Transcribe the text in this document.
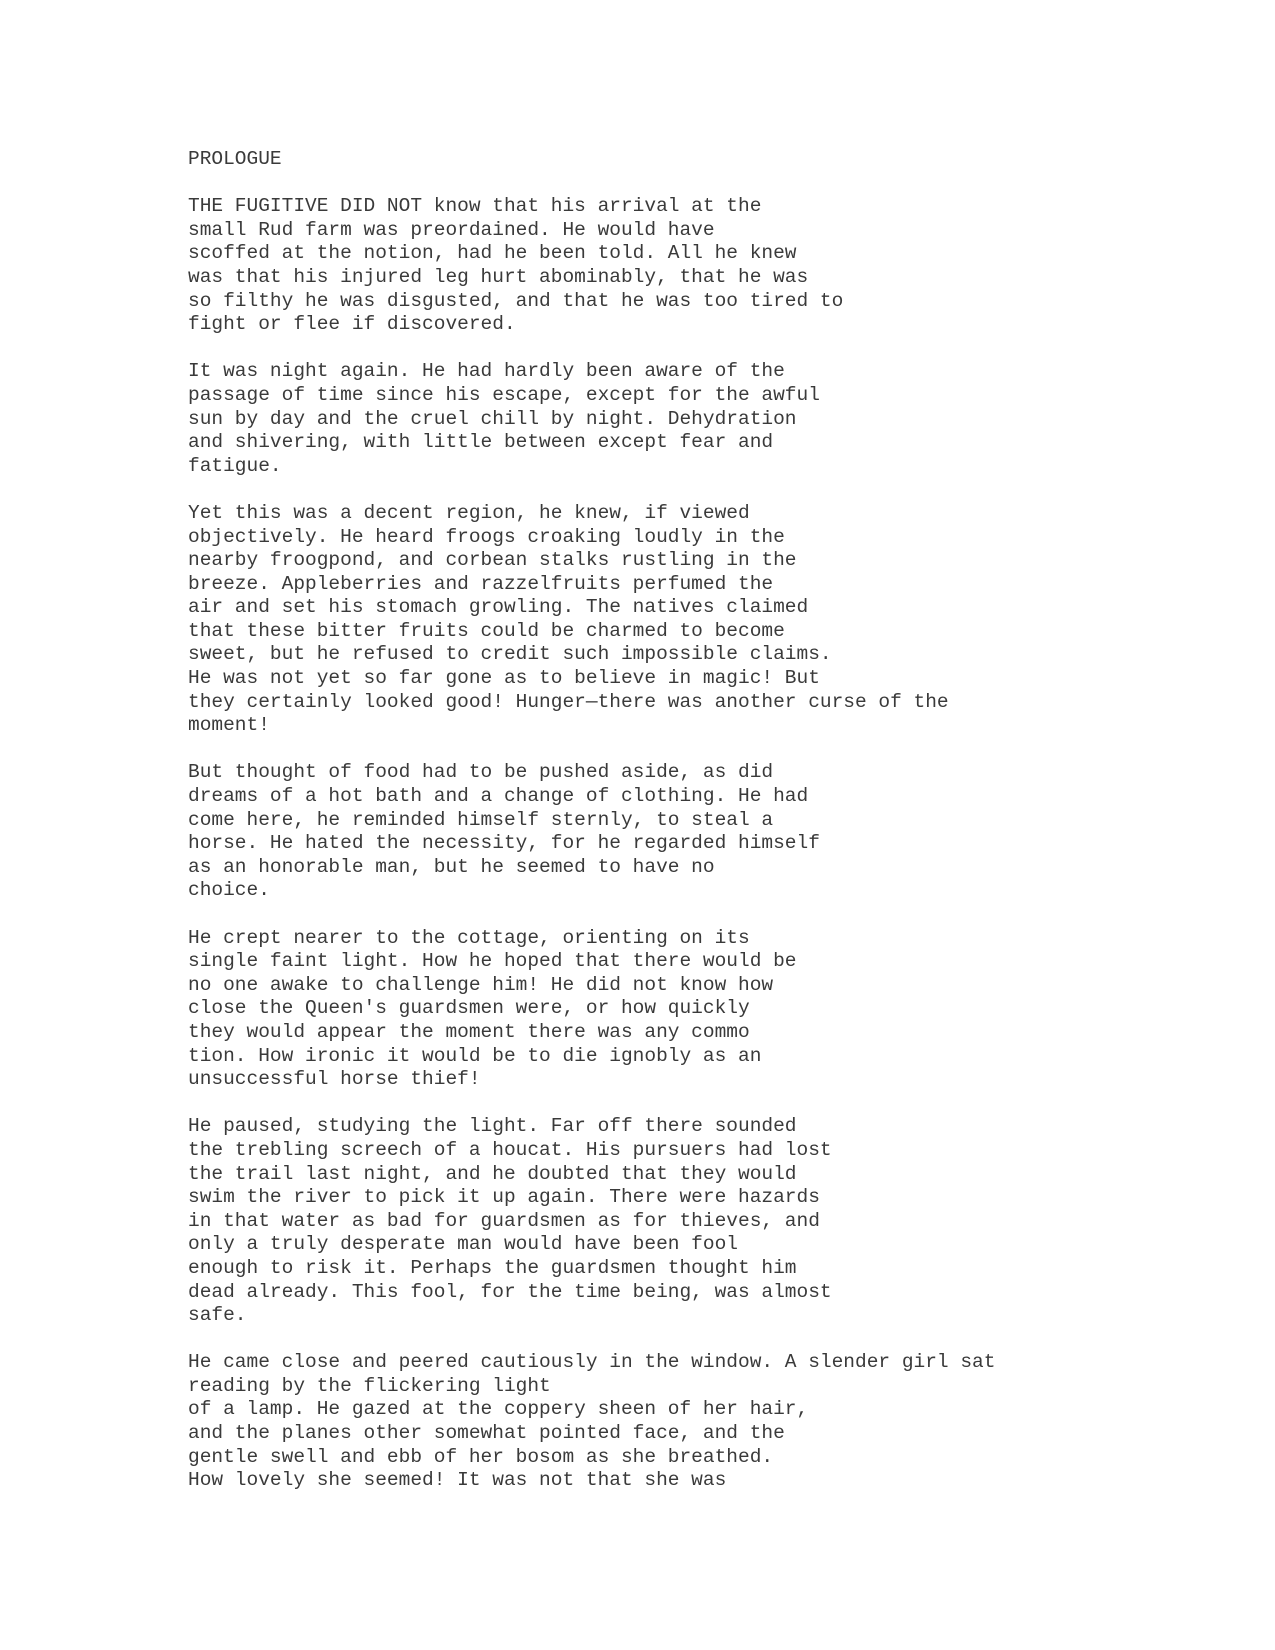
PROLOGUE
THE FUGITIVE DID NOT know that his arrival at the
small Rud farm was preordained. He would have
scoffed at the notion, had he been told. All he knew
was that his injured leg hurt abominably, that he was
so filthy he was disgusted, and that he was too tired to
fight or flee if discovered.
It was night again. He had hardly been aware of the
passage of time since his escape, except for the awful
sun by day and the cruel chill by night. Dehydration
and shivering, with little between except fear and
fatigue.
Yet this was a decent region, he knew, if viewed
objectively. He heard froogs croaking loudly in the
nearby froogpond, and corbean stalks rustling in the
breeze. Appleberries and razzelfruits perfumed the
air and set his stomach growling. The natives claimed
that these bitter fruits could be charmed to become
sweet, but he refused to credit such impossible claims.
He was not yet so far gone as to believe in magic! But
they certainly looked good! Hunger—there was another curse of the
moment!
But thought of food had to be pushed aside, as did
dreams of a hot bath and a change of clothing. He had
come here, he reminded himself sternly, to steal a
horse. He hated the necessity, for he regarded himself
as an honorable man, but he seemed to have no
choice.
He crept nearer to the cottage, orienting on its
single faint light. How he hoped that there would be
no one awake to challenge him! He did not know how
close the Queen's guardsmen were, or how quickly
they would appear the moment there was any commo
tion. How ironic it would be to die ignobly as an
unsuccessful horse thief!
He paused, studying the light. Far off there sounded
the trebling screech of a houcat. His pursuers had lost
the trail last night, and he doubted that they would
swim the river to pick it up again. There were hazards
in that water as bad for guardsmen as for thieves, and
only a truly desperate man would have been fool
enough to risk it. Perhaps the guardsmen thought him
dead already. This fool, for the time being, was almost
safe.
He came close and peered cautiously in the window. A slender girl sat
reading by the flickering light
of a lamp. He gazed at the coppery sheen of her hair,
and the planes other somewhat pointed face, and the
gentle swell and ebb of her bosom as she breathed.
How lovely she seemed! It was not that she was
